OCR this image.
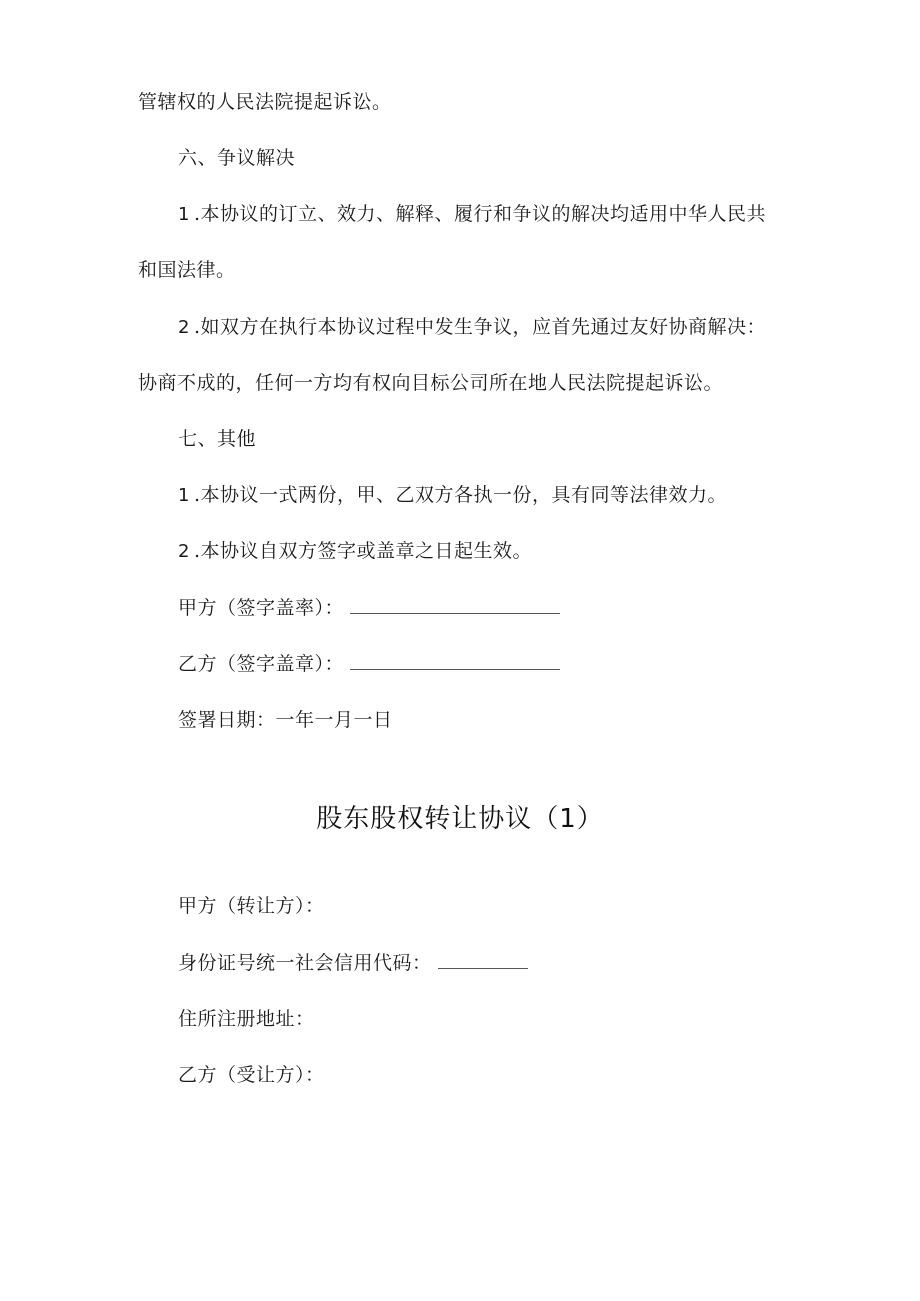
管辖权的人民法院提起诉讼。
六、争议解决
1 .本协议的订立、效力、解释、履行和争议的解决均适用中华人民共
和国法律。
2 .如双方在执行本协议过程中发生争议，应首先通过友好协商解决：
协商不成的，任何一方均有权向目标公司所在地人民法院提起诉讼。
七、其他
1 .本协议一式两份，甲、乙双方各执一份，具有同等法律效力。
2 .本协议自双方签字或盖章之日起生效。
甲方（签字盖率）：
乙方（签字盖章）：
签署日期：一年一月一日
股东股权转让协议（1）
甲方（转让方）：
身份证号统一社会信用代码：
住所注册地址：
乙方（受让方）：
